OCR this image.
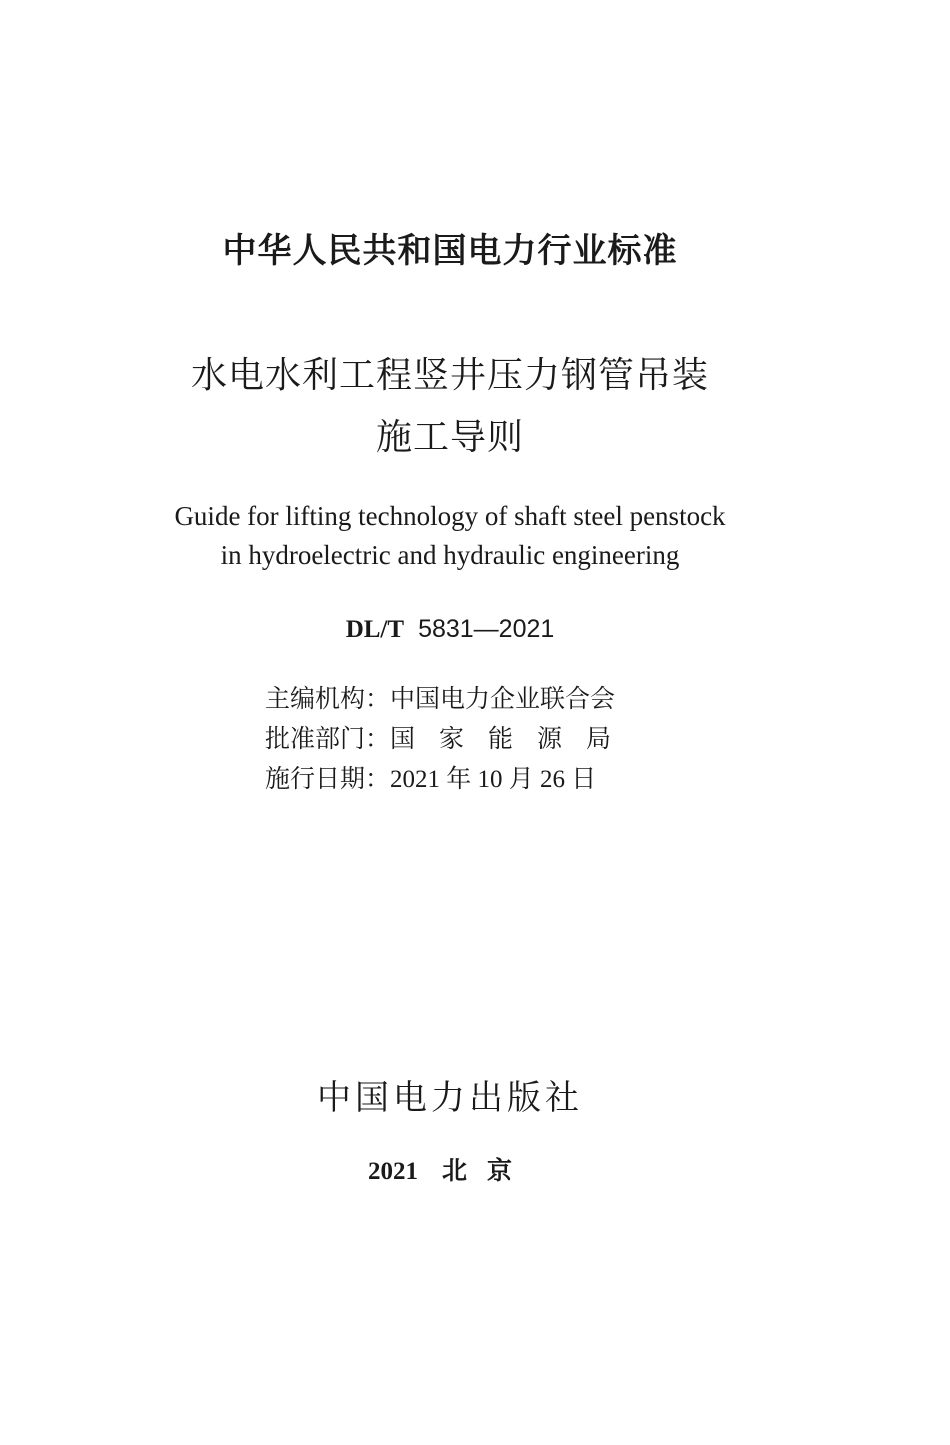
中华人民共和国电力行业标准
水电水利工程竖井压力钢管吊装
施工导则
Guide for lifting technology of shaft steel penstock
in hydroelectric and hydraulic engineering
DL/T 5831—2021
主编机构：中国电力企业联合会
批准部门：国家能源局
施行日期：2021 年 10 月 26 日
中国电力出版社
2021 北京
